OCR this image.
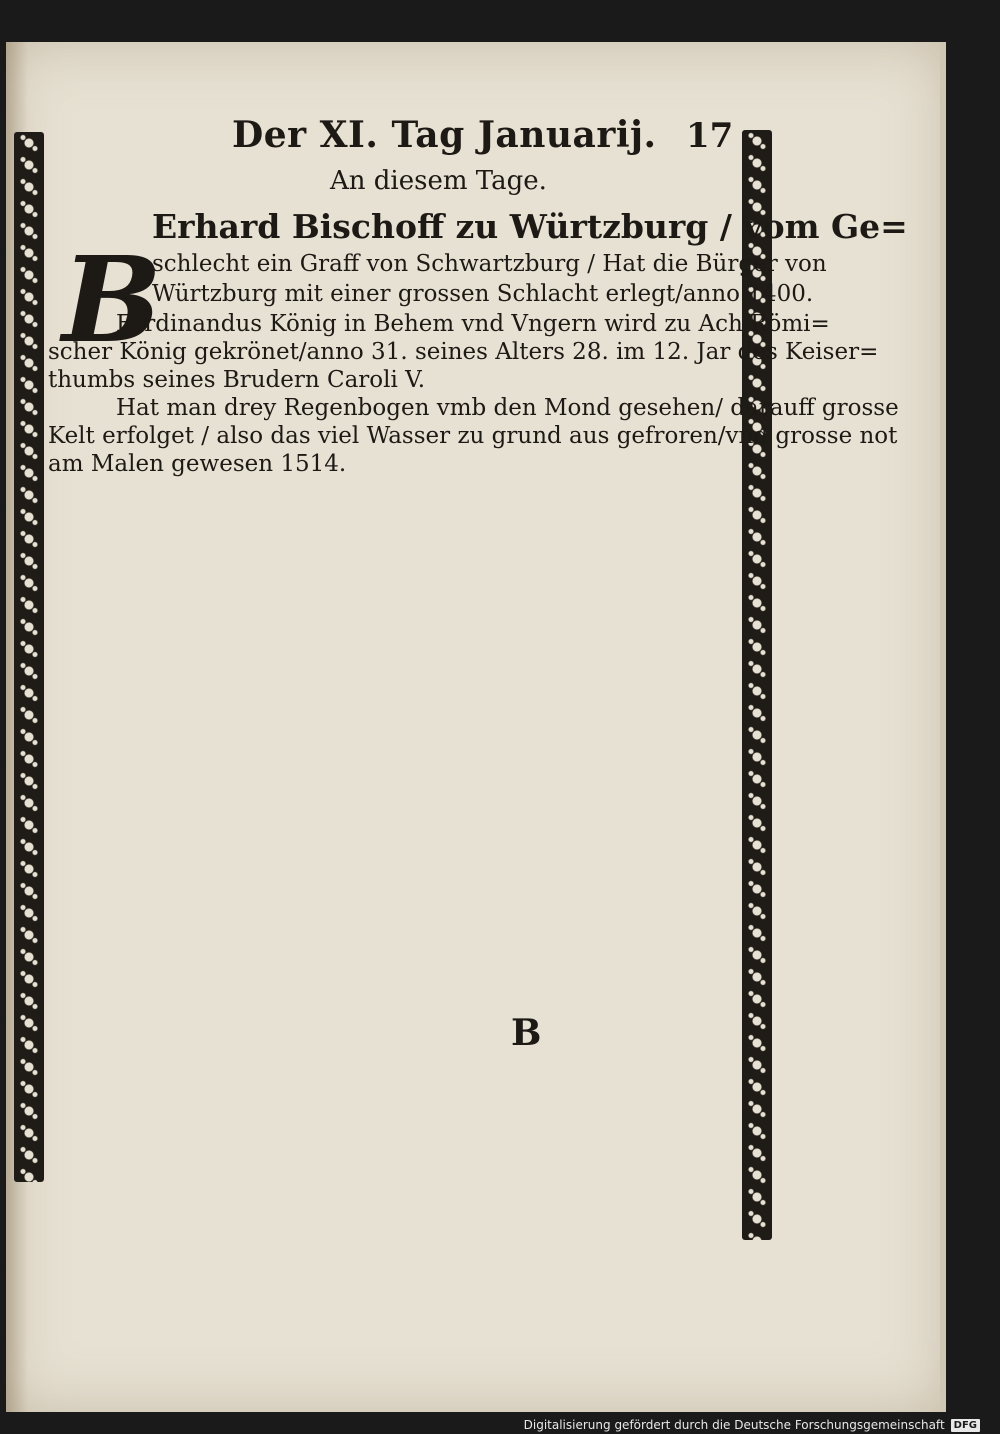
Der XI. Tag Januarij. 17
An diesem Tage.
B
Erhard Bischoff zu Würtzburg / vom Ge=
schlecht ein Graff von Schwartzburg / Hat die Bürger von
Würtzburg mit einer grossen Schlacht erlegt/anno 1400.
Ferdinandus König in Behem vnd Vngern wird zu Ach Römi=
scher König gekrönet/anno 31. seines Alters 28. im 12. Jar des Keiser=
thumbs seines Brudern Caroli V.
Hat man drey Regenbogen vmb den Mond gesehen/ darauff grosse
Kelt erfolget / also das viel Wasser zu grund aus gefroren/vnd grosse not
am Malen gewesen 1514.
B
Digitalisierung gefördert durch die Deutsche Forschungsgemeinschaft DFG
